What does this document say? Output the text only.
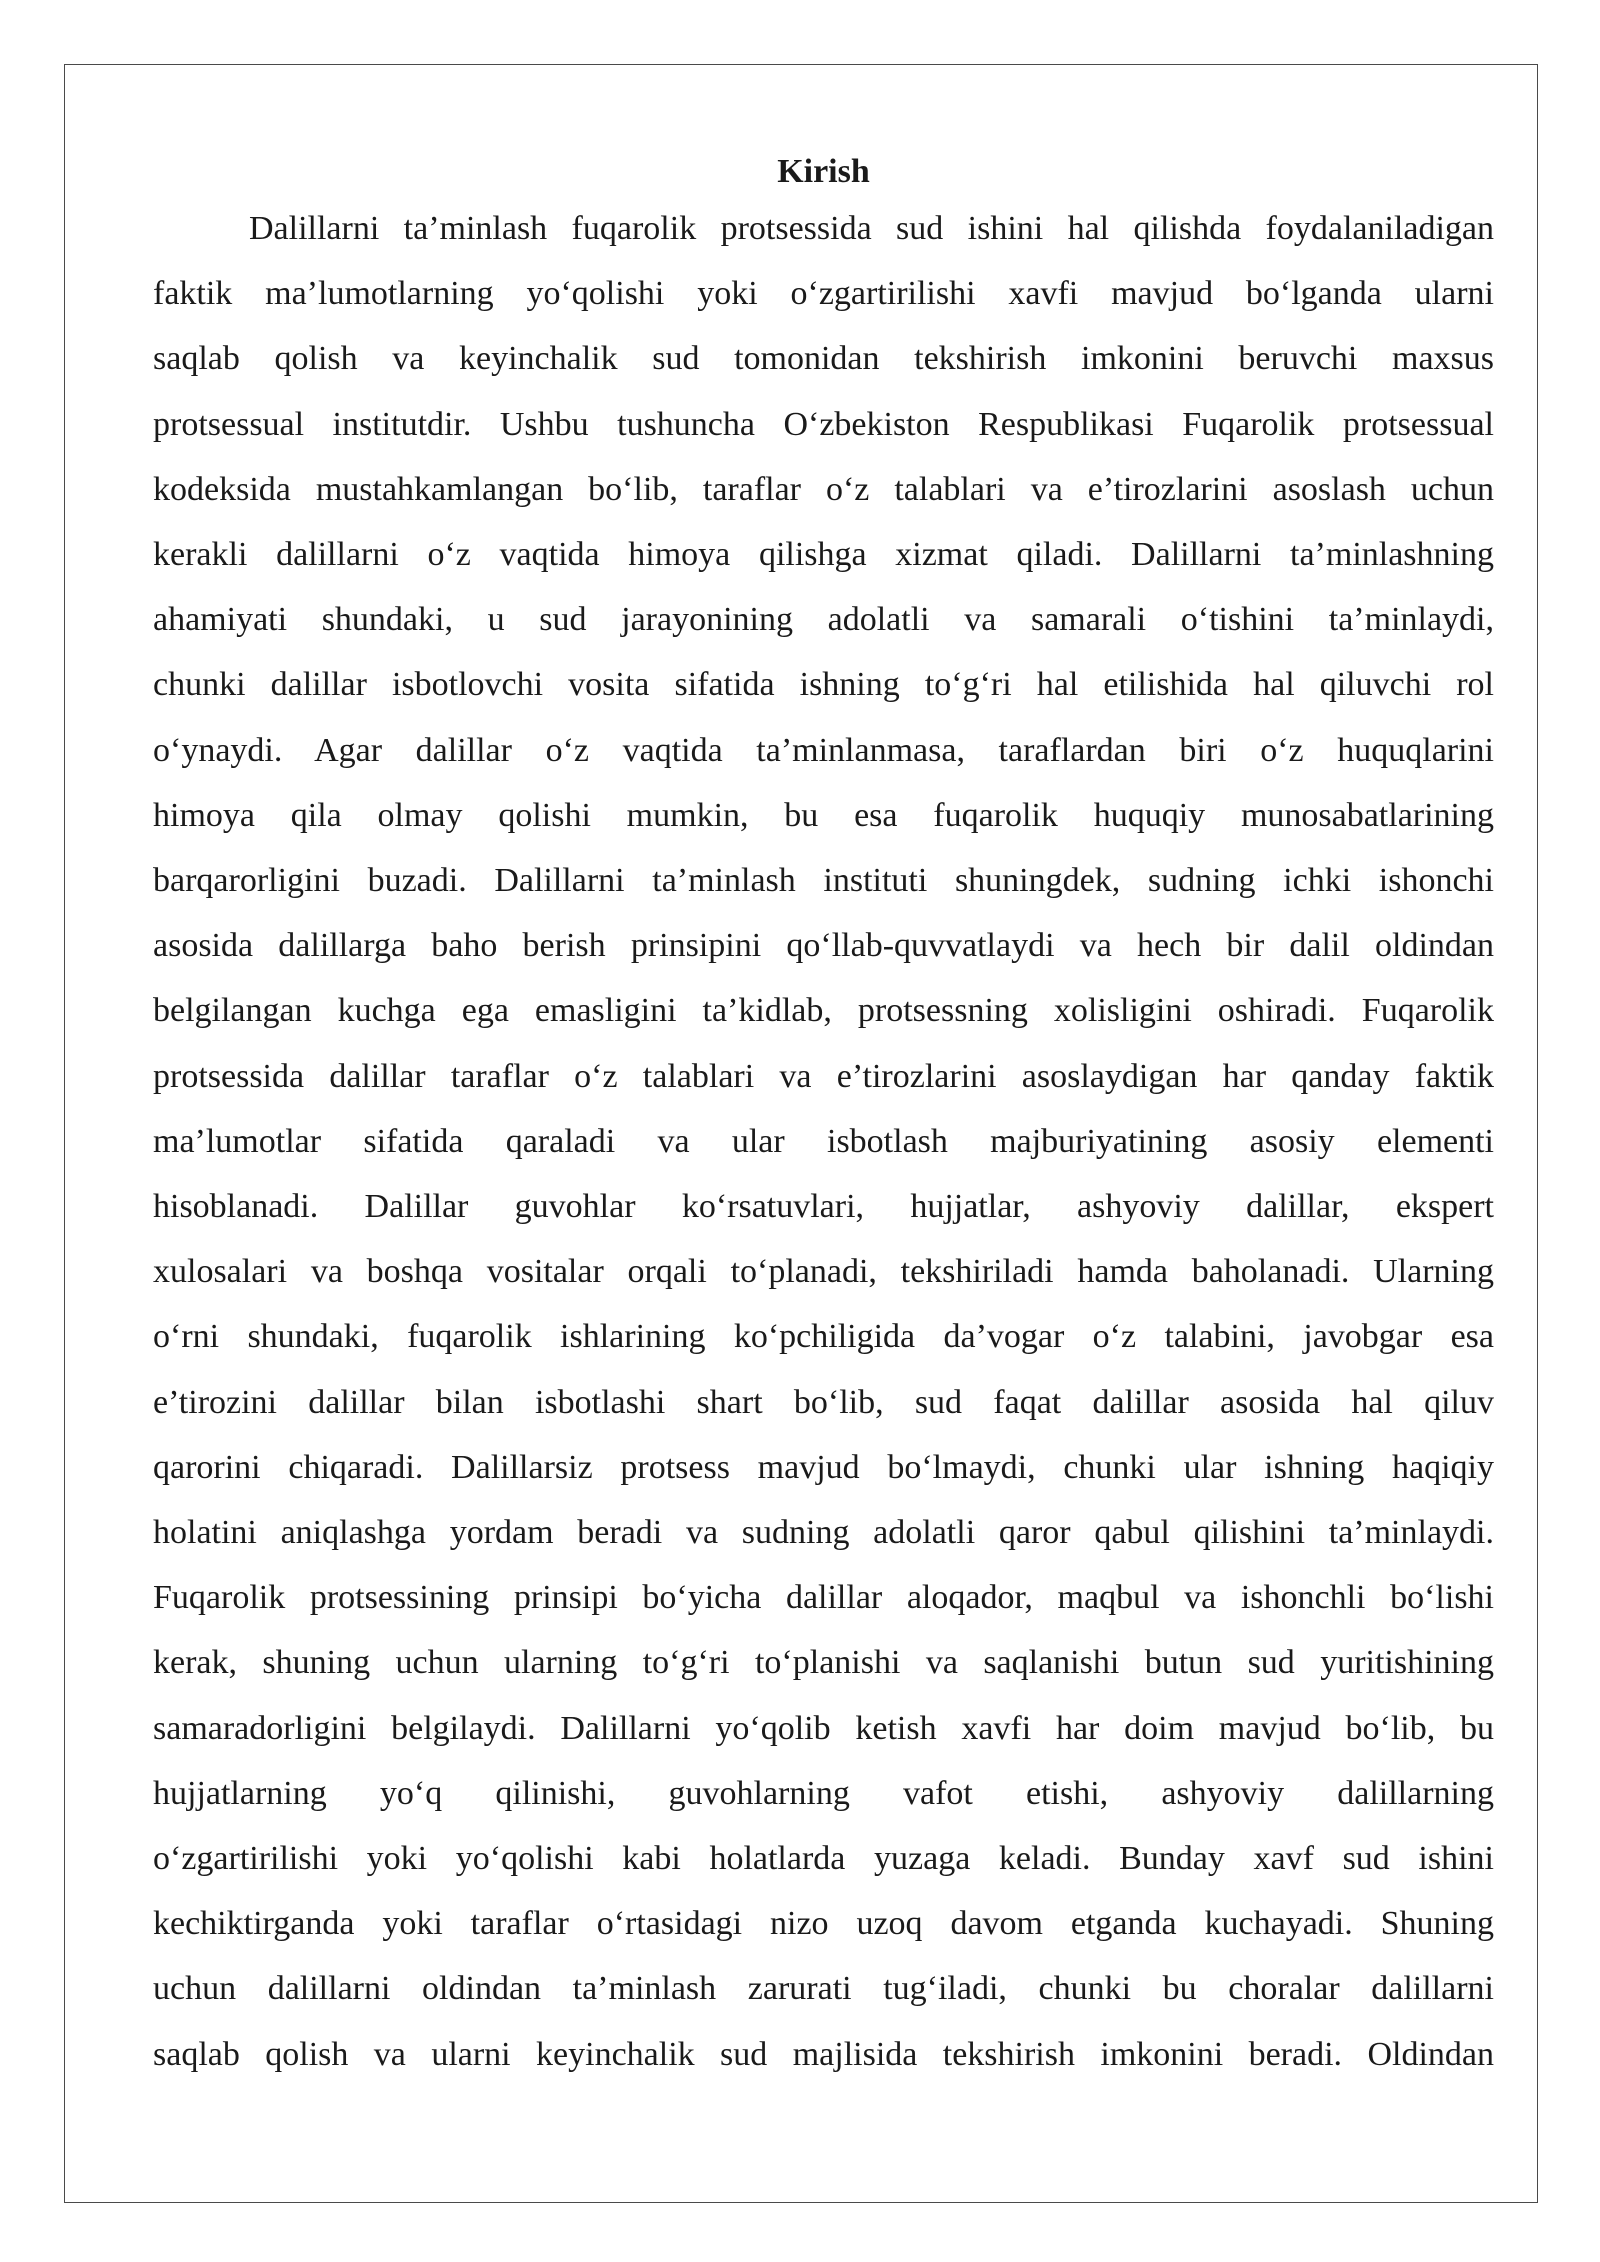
Kirish
Dalillarni ta’minlash fuqarolik protsessida sud ishini hal qilishda foydalaniladigan
faktik ma’lumotlarning yo‘qolishi yoki o‘zgartirilishi xavfi mavjud bo‘lganda ularni
saqlab qolish va keyinchalik sud tomonidan tekshirish imkonini beruvchi maxsus
protsessual institutdir. Ushbu tushuncha O‘zbekiston Respublikasi Fuqarolik protsessual
kodeksida mustahkamlangan bo‘lib, taraflar o‘z talablari va e’tirozlarini asoslash uchun
kerakli dalillarni o‘z vaqtida himoya qilishga xizmat qiladi. Dalillarni ta’minlashning
ahamiyati shundaki, u sud jarayonining adolatli va samarali o‘tishini ta’minlaydi,
chunki dalillar isbotlovchi vosita sifatida ishning to‘g‘ri hal etilishida hal qiluvchi rol
o‘ynaydi. Agar dalillar o‘z vaqtida ta’minlanmasa, taraflardan biri o‘z huquqlarini
himoya qila olmay qolishi mumkin, bu esa fuqarolik huquqiy munosabatlarining
barqarorligini buzadi. Dalillarni ta’minlash instituti shuningdek, sudning ichki ishonchi
asosida dalillarga baho berish prinsipini qo‘llab-quvvatlaydi va hech bir dalil oldindan
belgilangan kuchga ega emasligini ta’kidlab, protsessning xolisligini oshiradi. Fuqarolik
protsessida dalillar taraflar o‘z talablari va e’tirozlarini asoslaydigan har qanday faktik
ma’lumotlar sifatida qaraladi va ular isbotlash majburiyatining asosiy elementi
hisoblanadi. Dalillar guvohlar ko‘rsatuvlari, hujjatlar, ashyoviy dalillar, ekspert
xulosalari va boshqa vositalar orqali to‘planadi, tekshiriladi hamda baholanadi. Ularning
o‘rni shundaki, fuqarolik ishlarining ko‘pchiligida da’vogar o‘z talabini, javobgar esa
e’tirozini dalillar bilan isbotlashi shart bo‘lib, sud faqat dalillar asosida hal qiluv
qarorini chiqaradi. Dalillarsiz protsess mavjud bo‘lmaydi, chunki ular ishning haqiqiy
holatini aniqlashga yordam beradi va sudning adolatli qaror qabul qilishini ta’minlaydi.
Fuqarolik protsessining prinsipi bo‘yicha dalillar aloqador, maqbul va ishonchli bo‘lishi
kerak, shuning uchun ularning to‘g‘ri to‘planishi va saqlanishi butun sud yuritishining
samaradorligini belgilaydi. Dalillarni yo‘qolib ketish xavfi har doim mavjud bo‘lib, bu
hujjatlarning yo‘q qilinishi, guvohlarning vafot etishi, ashyoviy dalillarning
o‘zgartirilishi yoki yo‘qolishi kabi holatlarda yuzaga keladi. Bunday xavf sud ishini
kechiktirganda yoki taraflar o‘rtasidagi nizo uzoq davom etganda kuchayadi. Shuning
uchun dalillarni oldindan ta’minlash zarurati tug‘iladi, chunki bu choralar dalillarni
saqlab qolish va ularni keyinchalik sud majlisida tekshirish imkonini beradi. Oldindan
